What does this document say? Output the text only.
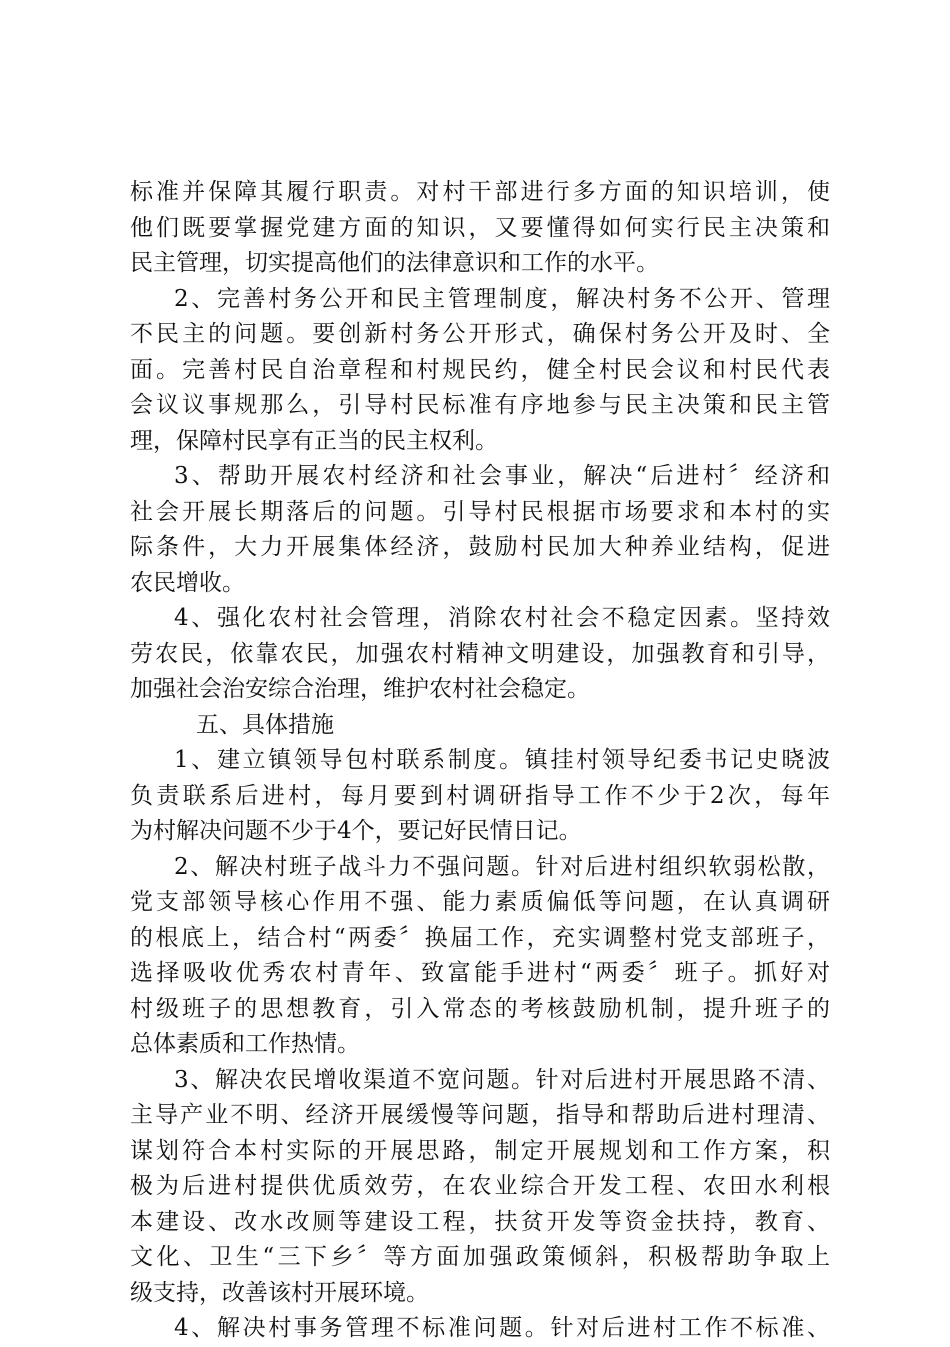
标准并保障其履行职责。对村干部进行多方面的知识培训，使
他们既要掌握党建方面的知识，又要懂得如何实行民主决策和
民主管理，切实提高他们的法律意识和工作的水平。
2、完善村务公开和民主管理制度，解决村务不公开、管理
不民主的问题。要创新村务公开形式，确保村务公开及时、全
面。完善村民自治章程和村规民约，健全村民会议和村民代表
会议议事规那么，引导村民标准有序地参与民主决策和民主管
理，保障村民享有正当的民主权利。
3、帮助开展农村经济和社会事业，解决“后进村〞经济和
社会开展长期落后的问题。引导村民根据市场要求和本村的实
际条件，大力开展集体经济，鼓励村民加大种养业结构，促进
农民增收。
4、强化农村社会管理，消除农村社会不稳定因素。坚持效
劳农民，依靠农民，加强农村精神文明建设，加强教育和引导，
加强社会治安综合治理，维护农村社会稳定。
五、具体措施
1、建立镇领导包村联系制度。镇挂村领导纪委书记史晓波
负责联系后进村，每月要到村调研指导工作不少于2次，每年
为村解决问题不少于4个，要记好民情日记。
2、解决村班子战斗力不强问题。针对后进村组织软弱松散，
党支部领导核心作用不强、能力素质偏低等问题，在认真调研
的根底上，结合村“两委〞换届工作，充实调整村党支部班子，
选择吸收优秀农村青年、致富能手进村“两委〞班子。抓好对
村级班子的思想教育，引入常态的考核鼓励机制，提升班子的
总体素质和工作热情。
3、解决农民增收渠道不宽问题。针对后进村开展思路不清、
主导产业不明、经济开展缓慢等问题，指导和帮助后进村理清、
谋划符合本村实际的开展思路，制定开展规划和工作方案，积
极为后进村提供优质效劳，在农业综合开发工程、农田水利根
本建设、改水改厕等建设工程，扶贫开发等资金扶持，教育、
文化、卫生“三下乡〞等方面加强政策倾斜，积极帮助争取上
级支持，改善该村开展环境。
4、解决村事务管理不标准问题。针对后进村工作不标准、
